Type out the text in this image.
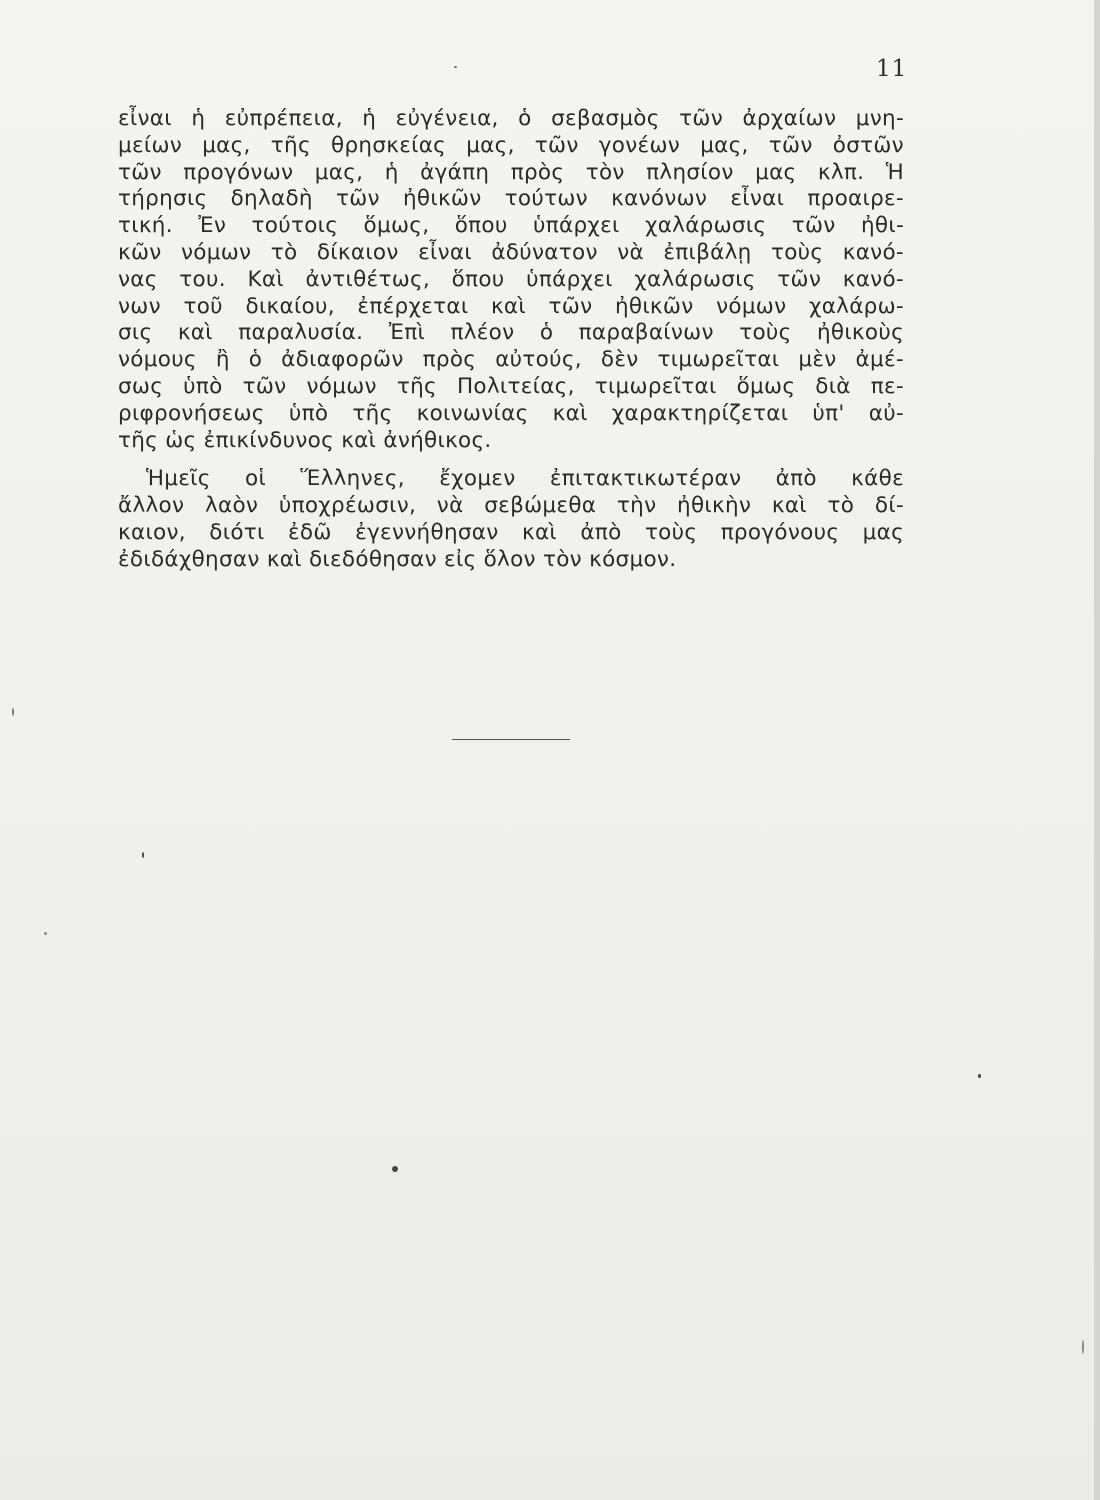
11
εἶναι ἡ εὐπρέπεια, ἡ εὐγένεια, ὁ σεβασμὸς τῶν ἀρχαίων μνη-
μείων μας, τῆς θρησκείας μας, τῶν γονέων μας, τῶν ὀστῶν
τῶν προγόνων μας, ἡ ἀγάπη πρὸς τὸν πλησίον μας κλπ. Ἡ
τήρησις δηλαδὴ τῶν ἠθικῶν τούτων κανόνων εἶναι προαιρε-
τική. Ἐν τούτοις ὅμως, ὅπου ὑπάρχει χαλάρωσις τῶν ἠθι-
κῶν νόμων τὸ δίκαιον εἶναι ἀδύνατον νὰ ἐπιβάλῃ τοὺς κανό-
νας του. Καὶ ἀντιθέτως, ὅπου ὑπάρχει χαλάρωσις τῶν κανό-
νων τοῦ δικαίου, ἐπέρχεται καὶ τῶν ἠθικῶν νόμων χαλάρω-
σις καὶ παραλυσία. Ἐπὶ πλέον ὁ παραβαίνων τοὺς ἠθικοὺς
νόμους ἢ ὁ ἀδιαφορῶν πρὸς αὐτούς, δὲν τιμωρεῖται μὲν ἀμέ-
σως ὑπὸ τῶν νόμων τῆς Πολιτείας, τιμωρεῖται ὅμως διὰ πε-
ριφρονήσεως ὑπὸ τῆς κοινωνίας καὶ χαρακτηρίζεται ὑπ' αὐ-
τῆς ὡς ἐπικίνδυνος καὶ ἀνήθικος.
Ἡμεῖς οἱ Ἕλληνες, ἔχομεν ἐπιτακτικωτέραν ἀπὸ κάθε
ἄλλον λαὸν ὑποχρέωσιν, νὰ σεβώμεθα τὴν ἠθικὴν καὶ τὸ δί-
καιον, διότι ἐδῶ ἐγεννήθησαν καὶ ἀπὸ τοὺς προγόνους μας
ἐδιδάχθησαν καὶ διεδόθησαν εἰς ὅλον τὸν κόσμον.
